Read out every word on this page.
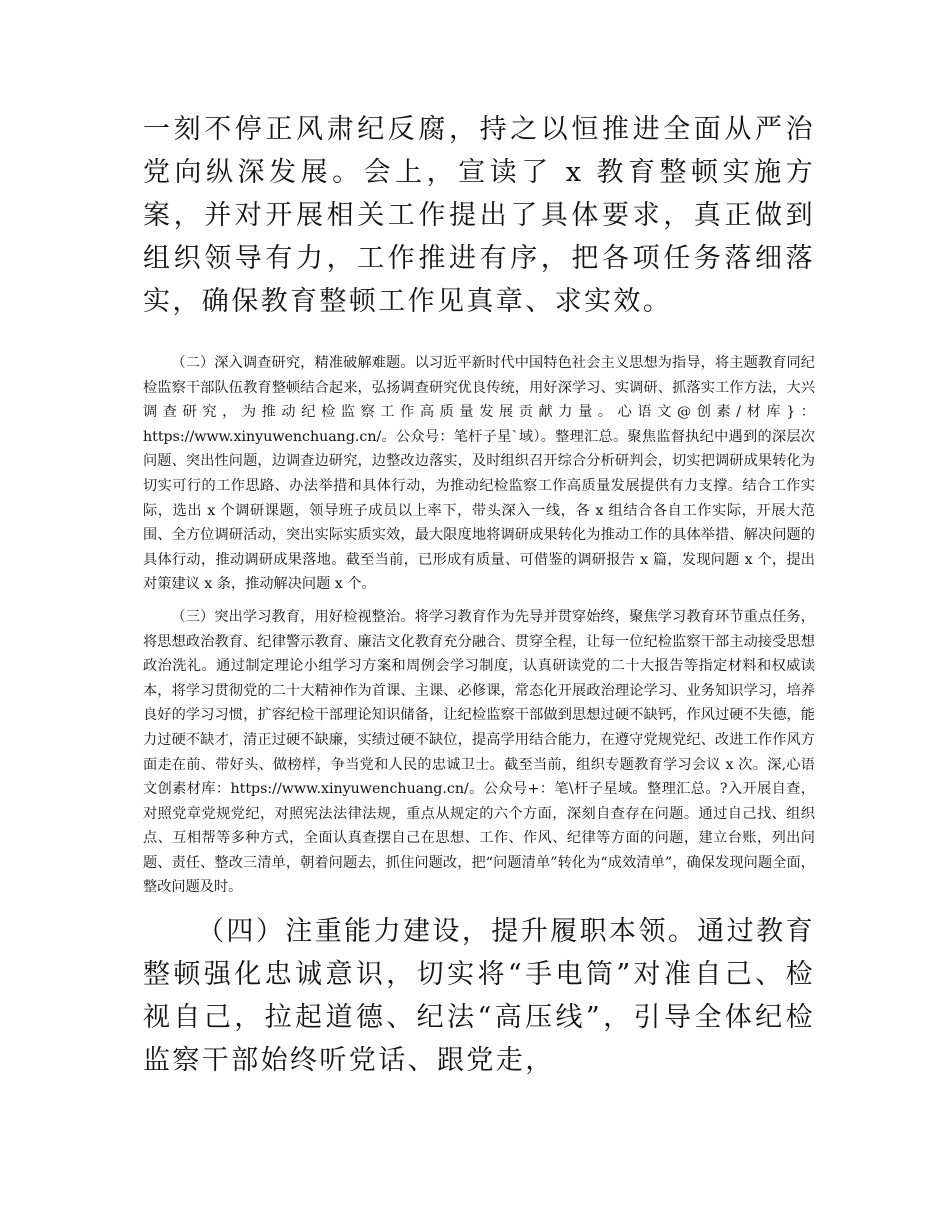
一刻不停正风肃纪反腐，持之以恒推进全面从严治党向纵深发展。会上，宣读了 x 教育整顿实施方案，并对开展相关工作提出了具体要求，真正做到组织领导有力，工作推进有序，把各项任务落细落实，确保教育整顿工作见真章、求实效。

（二）深入调查研究，精准破解难题。以习近平新时代中国特色社会主义思想为指导，将主题教育同纪检监察干部队伍教育整顿结合起来，弘扬调查研究优良传统，用好深学习、实调研、抓落实工作方法，大兴调查研究，为推动纪检监察工作高质量发展贡献力量。心语文@创素/材库}：https://www.xinyuwenchuang.cn/。公众号：笔杆子星`域）。整理汇总。聚焦监督执纪中遇到的深层次问题、突出性问题，边调查边研究，边整改边落实，及时组织召开综合分析研判会，切实把调研成果转化为切实可行的工作思路、办法举措和具体行动，为推动纪检监察工作高质量发展提供有力支撑。结合工作实际，选出 x 个调研课题，领导班子成员以上率下，带头深入一线，各 x 组结合各自工作实际，开展大范围、全方位调研活动，突出实际实质实效，最大限度地将调研成果转化为推动工作的具体举措、解决问题的具体行动，推动调研成果落地。截至当前，已形成有质量、可借鉴的调研报告 x 篇，发现问题 x 个，提出对策建议 x 条，推动解决问题 x 个。

（三）突出学习教育，用好检视整治。将学习教育作为先导并贯穿始终，聚焦学习教育环节重点任务，将思想政治教育、纪律警示教育、廉洁文化教育充分融合、贯穿全程，让每一位纪检监察干部主动接受思想政治洗礼。通过制定理论小组学习方案和周例会学习制度，认真研读党的二十大报告等指定材料和权威读本，将学习贯彻党的二十大精神作为首课、主课、必修课，常态化开展政治理论学习、业务知识学习，培养良好的学习习惯，扩容纪检干部理论知识储备，让纪检监察干部做到思想过硬不缺钙，作风过硬不失德，能力过硬不缺才，清正过硬不缺廉，实绩过硬不缺位，提高学用结合能力，在遵守党规党纪、改进工作作风方面走在前、带好头、做榜样，争当党和人民的忠诚卫士。截至当前，组织专题教育学习会议 x 次。深,心语文创素材库：https://www.xinyuwenchuang.cn/。公众号+：笔\杆子星域。整理汇总。?入开展自查，对照党章党规党纪，对照宪法法律法规，重点从规定的六个方面，深刻自查存在问题。通过自己找、组织点、互相帮等多种方式，全面认真查摆自己在思想、工作、作风、纪律等方面的问题，建立台账，列出问题、责任、整改三清单，朝着问题去，抓住问题改，把“问题清单”转化为“成效清单”，确保发现问题全面，整改问题及时。

（四）注重能力建设，提升履职本领。通过教育整顿强化忠诚意识，切实将“手电筒”对准自己、检视自己，拉起道德、纪法“高压线”，引导全体纪检监察干部始终听党话、跟党走，
